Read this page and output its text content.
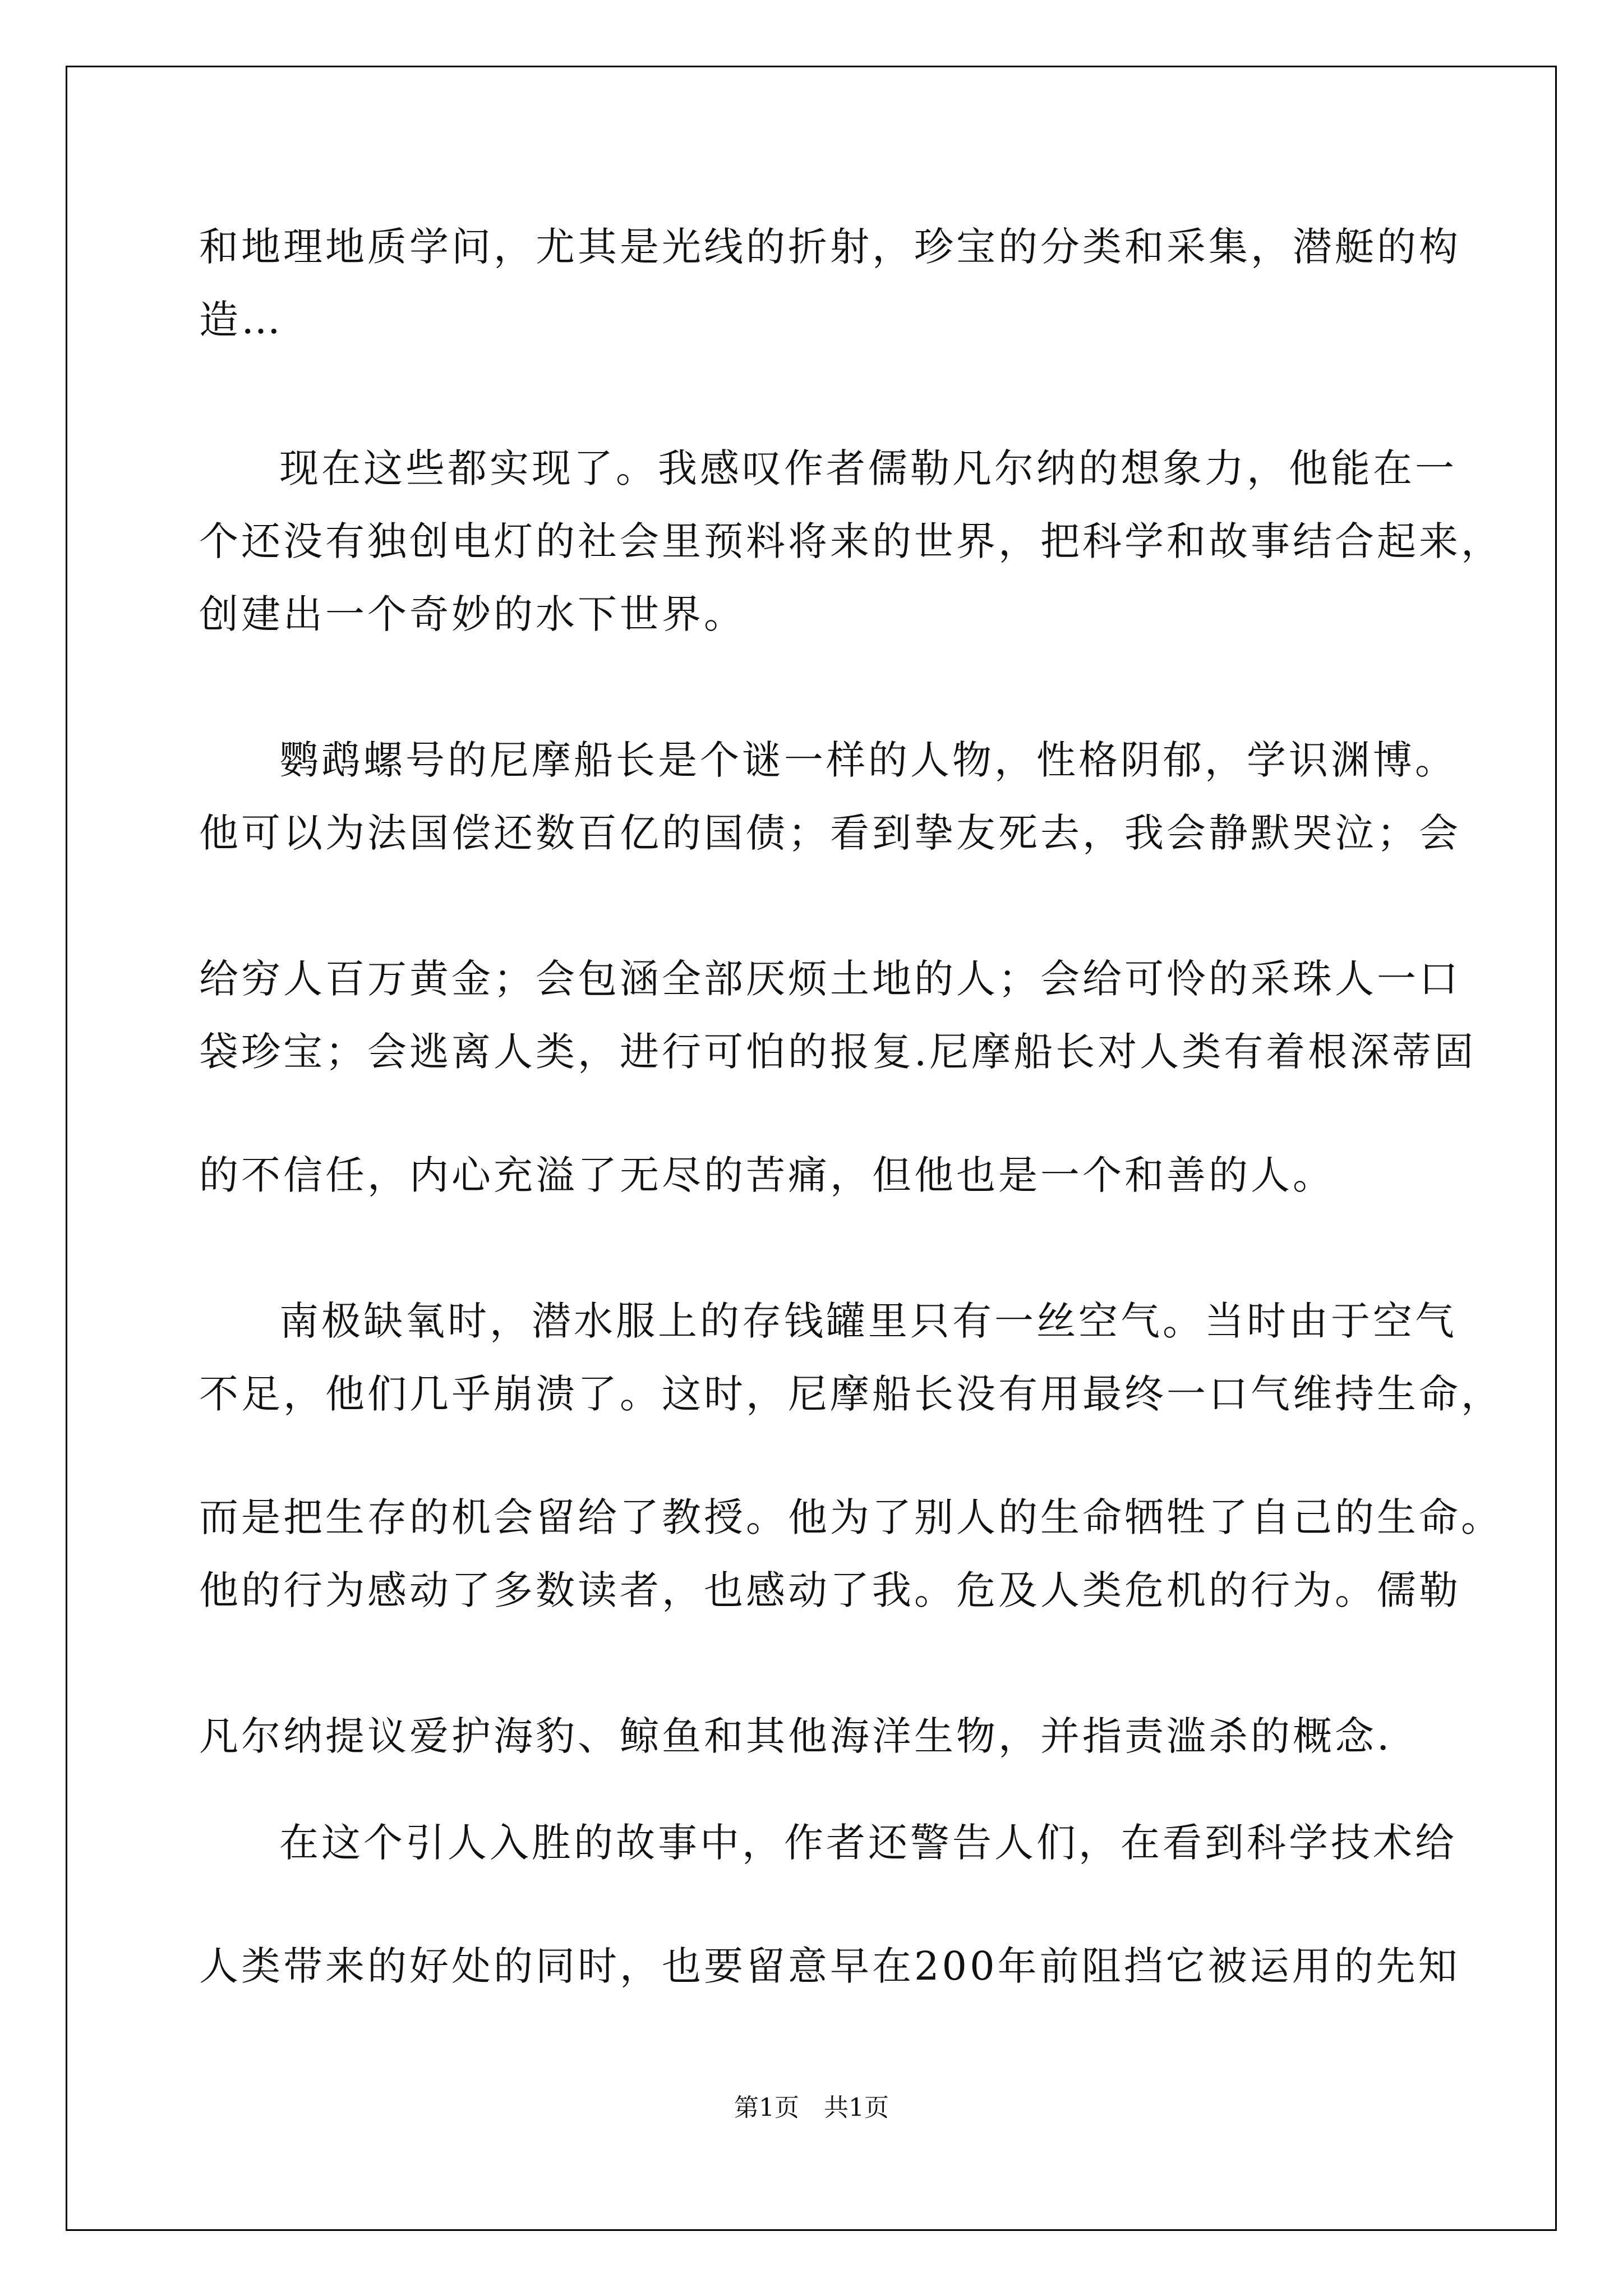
和地理地质学问，尤其是光线的折射，珍宝的分类和采集，潜艇的构
造…
现在这些都实现了。我感叹作者儒勒凡尔纳的想象力，他能在一
个还没有独创电灯的社会里预料将来的世界，把科学和故事结合起来，
创建出一个奇妙的水下世界。
鹦鹉螺号的尼摩船长是个谜一样的人物，性格阴郁，学识渊博。
他可以为法国偿还数百亿的国债；看到挚友死去，我会静默哭泣；会
给穷人百万黄金；会包涵全部厌烦土地的人；会给可怜的采珠人一口
袋珍宝；会逃离人类，进行可怕的报复.尼摩船长对人类有着根深蒂固
的不信任，内心充溢了无尽的苦痛，但他也是一个和善的人。
南极缺氧时，潜水服上的存钱罐里只有一丝空气。当时由于空气
不足，他们几乎崩溃了。这时，尼摩船长没有用最终一口气维持生命，
而是把生存的机会留给了教授。他为了别人的生命牺牲了自己的生命。
他的行为感动了多数读者，也感动了我。危及人类危机的行为。儒勒
凡尔纳提议爱护海豹、鲸鱼和其他海洋生物，并指责滥杀的概念.
在这个引人入胜的故事中，作者还警告人们，在看到科学技术给
人类带来的好处的同时，也要留意早在200年前阻挡它被运用的先知
第1页　共1页
